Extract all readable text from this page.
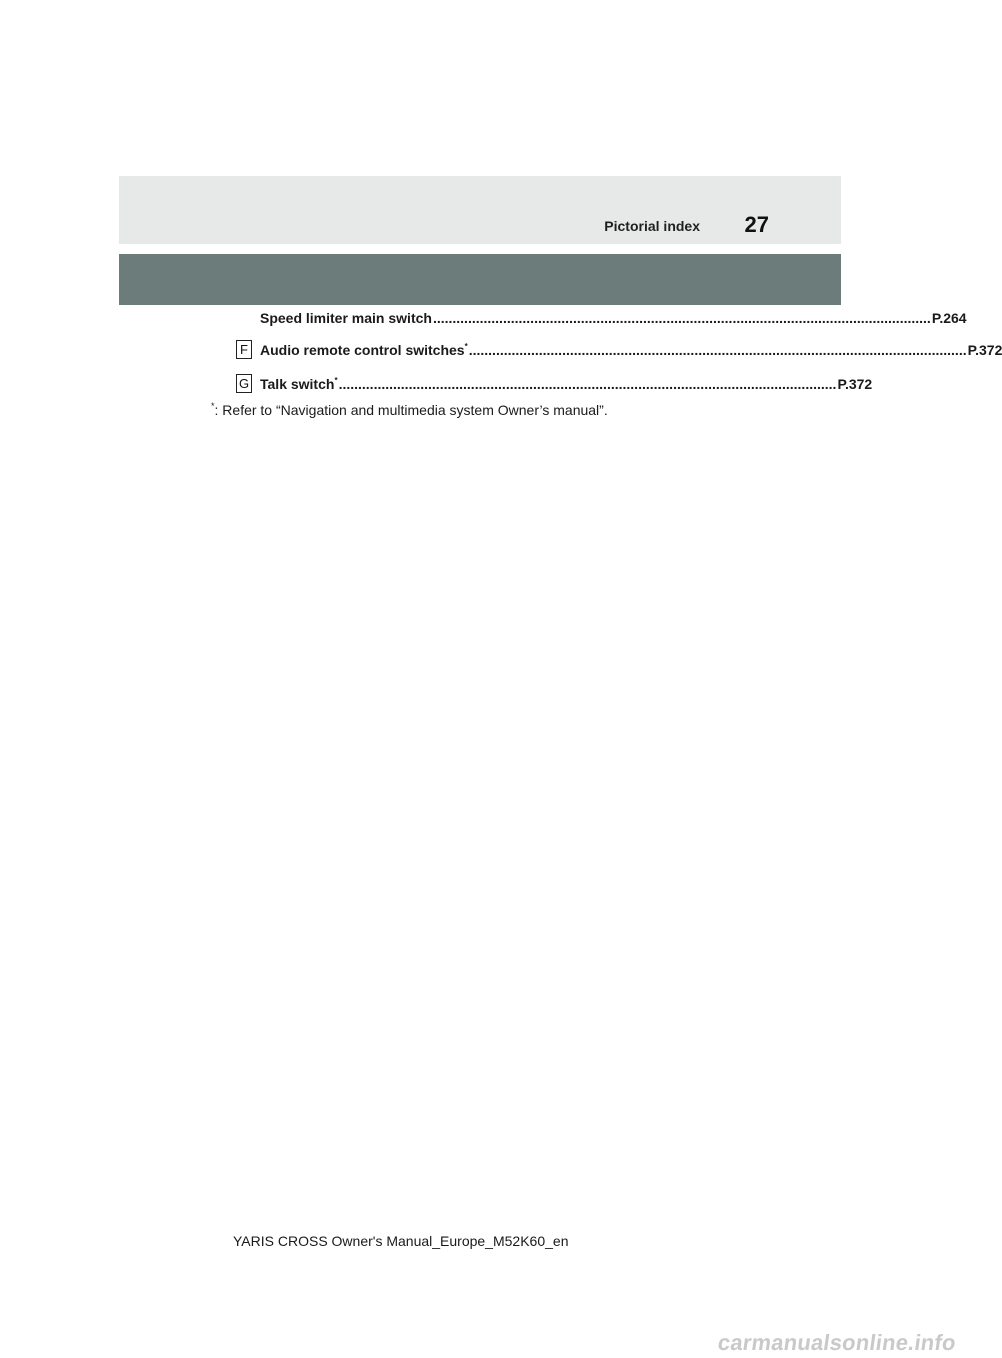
Pictorial index 27
Speed limiter main switch ................................................................................................................................ P.264
F Audio remote control switches* ................................................................................................................................ P.372
G Talk switch* ................................................................................................................................ P.372
*: Refer to “Navigation and multimedia system Owner’s manual”.
YARIS CROSS Owner's Manual_Europe_M52K60_en
carmanualsonline.info
